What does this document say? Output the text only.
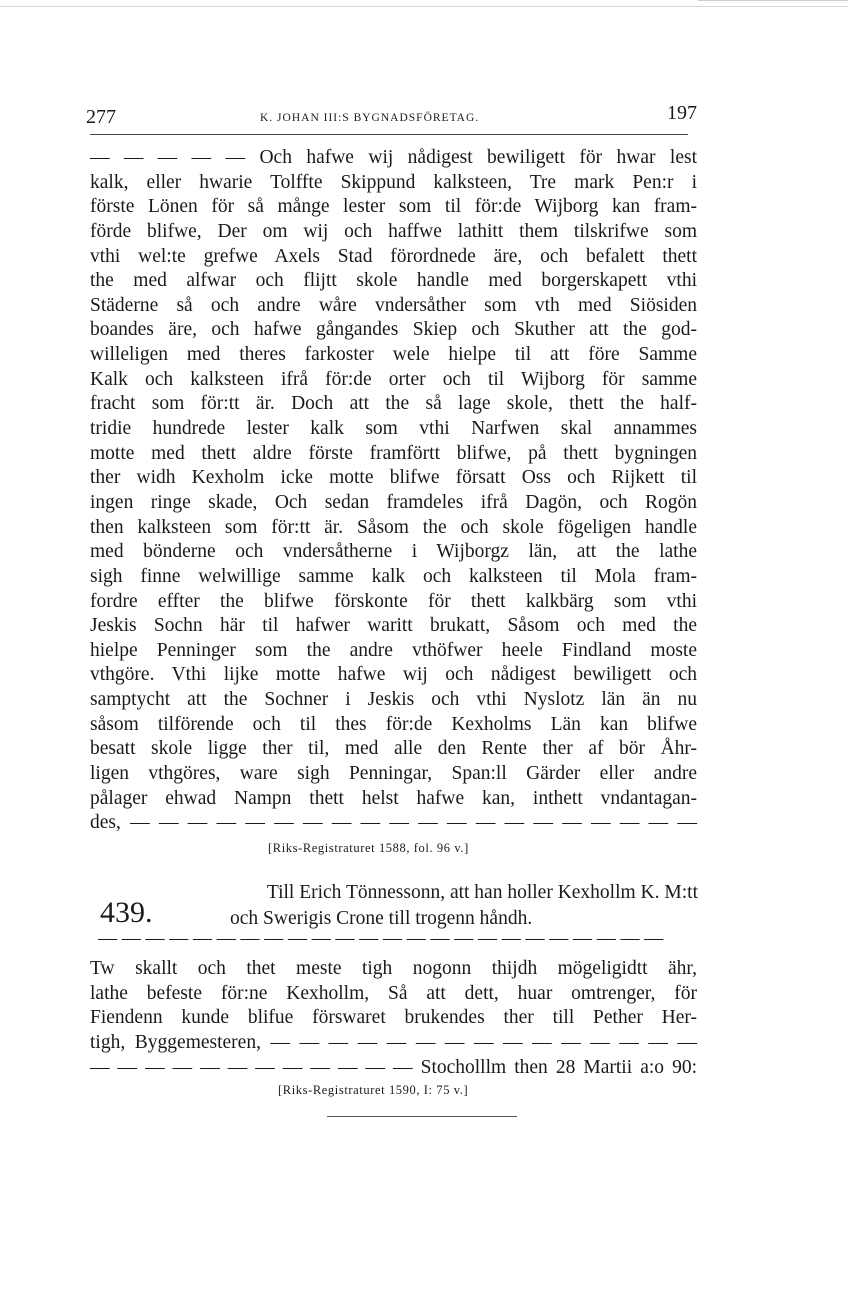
277	K. JOHAN III:S BYGNADSFÖRETAG.	197
— — — — — Och hafwe wij nådigest bewiligett för hwar lest
kalk, eller hwarie Tolffte Skippund kalksteen, Tre mark Pen:r i
förste Lönen för så månge lester som til för:de Wijborg kan fram-
förde blifwe, Der om wij och haffwe lathitt them tilskrifwe som
vthi wel:te grefwe Axels Stad förordnede äre, och befalett thett
the med alfwar och flijtt skole handle med borgerskapett vthi
Städerne så och andre wåre vndersåther som vth med Siösiden
boandes äre, och hafwe gångandes Skiep och Skuther att the god-
willeligen med theres farkoster wele hielpe til att före Samme
Kalk och kalksteen ifrå för:de orter och til Wijborg för samme
fracht som för:tt är. Doch att the så lage skole, thett the half-
tridie hundrede lester kalk som vthi Narfwen skal annammes
motte med thett aldre förste framförtt blifwe, på thett bygningen
ther widh Kexholm icke motte blifwe försatt Oss och Rijkett til
ingen ringe skade, Och sedan framdeles ifrå Dagön, och Rogön
then kalksteen som för:tt är. Såsom the och skole fögeligen handle
med bönderne och vndersåtherne i Wijborgz län, att the lathe
sigh finne welwillige samme kalk och kalksteen til Mola fram-
fordre effter the blifwe förskonte för thett kalkbärg som vthi
Jeskis Sochn här til hafwer waritt brukatt, Såsom och med the
hielpe Penninger som the andre vthöfwer heele Findland moste
vthgöre. Vthi lijke motte hafwe wij och nådigest bewiligett och
samptycht att the Sochner i Jeskis och vthi Nyslotz län än nu
såsom tilförende och til thes för:de Kexholms Län kan blifwe
besatt skole ligge ther til, med alle den Rente ther af bör Åhr-
ligen vthgöres, ware sigh Penningar, Span:ll Gärder eller andre
pålager ehwad Nampn thett helst hafwe kan, inthett vndantagan-
des, — — — — — — — — — — — — — — — — — — — —
[Riks-Registraturet 1588, fol. 96 v.]
439.
Till Erich Tönnessonn, att han holler Kexhollm K. M:tt
och Swerigis Crone till trogenn håndh.
— — — — — — — — — — — — — — — — — — — — — — — —
Tw skallt och thet meste tigh nogonn thijdh mögeligidtt ähr,
lathe befeste för:ne Kexhollm, Så att dett, huar omtrenger, för
Fiendenn kunde blifue förswaret brukendes ther till Pether Her-
tigh, Byggemesteren, — — — — — — — — — — — — — — —
— — — — — — — — — — — — Stocholllm then 28 Martii a:o 90:
[Riks-Registraturet 1590, I: 75 v.]
